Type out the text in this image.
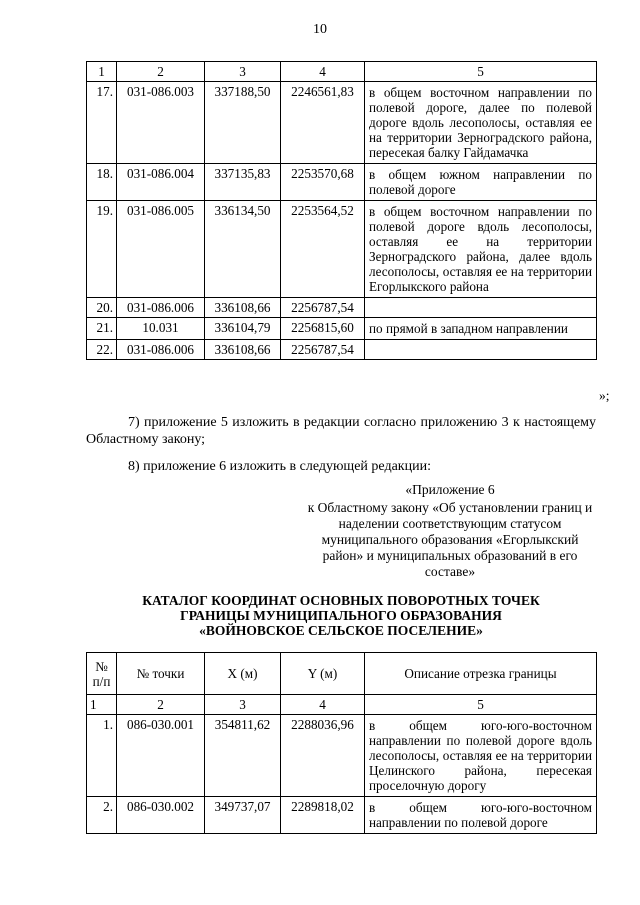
10
1	2	3	4	5
17.	031-086.003	337188,50	2246561,83	в общем восточном направлении по полевой дороге, далее по полевой дороге вдоль лесополосы, оставляя ее на территории Зерноградского района, пересекая балку Гайдамачка
18.	031-086.004	337135,83	2253570,68	в общем южном направлении по полевой дороге
19.	031-086.005	336134,50	2253564,52	в общем восточном направлении по полевой дороге вдоль лесополосы, оставляя ее на территории Зерноградского района, далее вдоль лесополосы, оставляя ее на территории Егорлыкского района
20.	031-086.006	336108,66	2256787,54	
21.	10.031	336104,79	2256815,60	по прямой в западном направлении
22.	031-086.006	336108,66	2256787,54	
»;
7) приложение 5 изложить в редакции согласно приложению 3 к настоящему Областному закону;
8) приложение 6 изложить в следующей редакции:
«Приложение 6
к Областному закону «Об установлении границ и наделении соответствующим статусом муниципального образования «Егорлыкский район» и муниципальных образований в его составе»
КАТАЛОГ КООРДИНАТ ОСНОВНЫХ ПОВОРОТНЫХ ТОЧЕК
ГРАНИЦЫ МУНИЦИПАЛЬНОГО ОБРАЗОВАНИЯ
«ВОЙНОВСКОЕ СЕЛЬСКОЕ ПОСЕЛЕНИЕ»
№ п/п	№ точки	X (м)	Y (м)	Описание отрезка границы
1	2	3	4	5
1.	086-030.001	354811,62	2288036,96	в общем юго-юго-восточном направлении по полевой дороге вдоль лесополосы, оставляя ее на территории Целинского района, пересекая проселочную дорогу
2.	086-030.002	349737,07	2289818,02	в общем юго-юго-восточном направлении по полевой дороге
